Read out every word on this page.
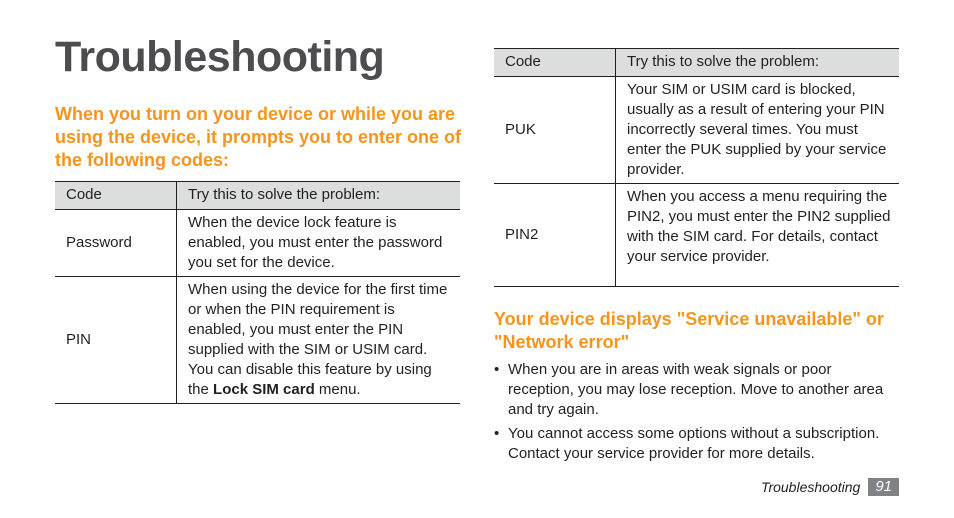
Troubleshooting
When you turn on your device or while you are using the device, it prompts you to enter one of the following codes:
Code	Try this to solve the problem:
Password	When the device lock feature is enabled, you must enter the password you set for the device.
PIN	When using the device for the first time or when the PIN requirement is enabled, you must enter the PIN supplied with the SIM or USIM card. You can disable this feature by using the Lock SIM card menu.
Code	Try this to solve the problem:
PUK	Your SIM or USIM card is blocked, usually as a result of entering your PIN incorrectly several times. You must enter the PUK supplied by your service provider.
PIN2	When you access a menu requiring the PIN2, you must enter the PIN2 supplied with the SIM card. For details, contact your service provider.
Your device displays "Service unavailable" or "Network error"
• When you are in areas with weak signals or poor reception, you may lose reception. Move to another area and try again.
• You cannot access some options without a subscription. Contact your service provider for more details.
Troubleshooting	91
